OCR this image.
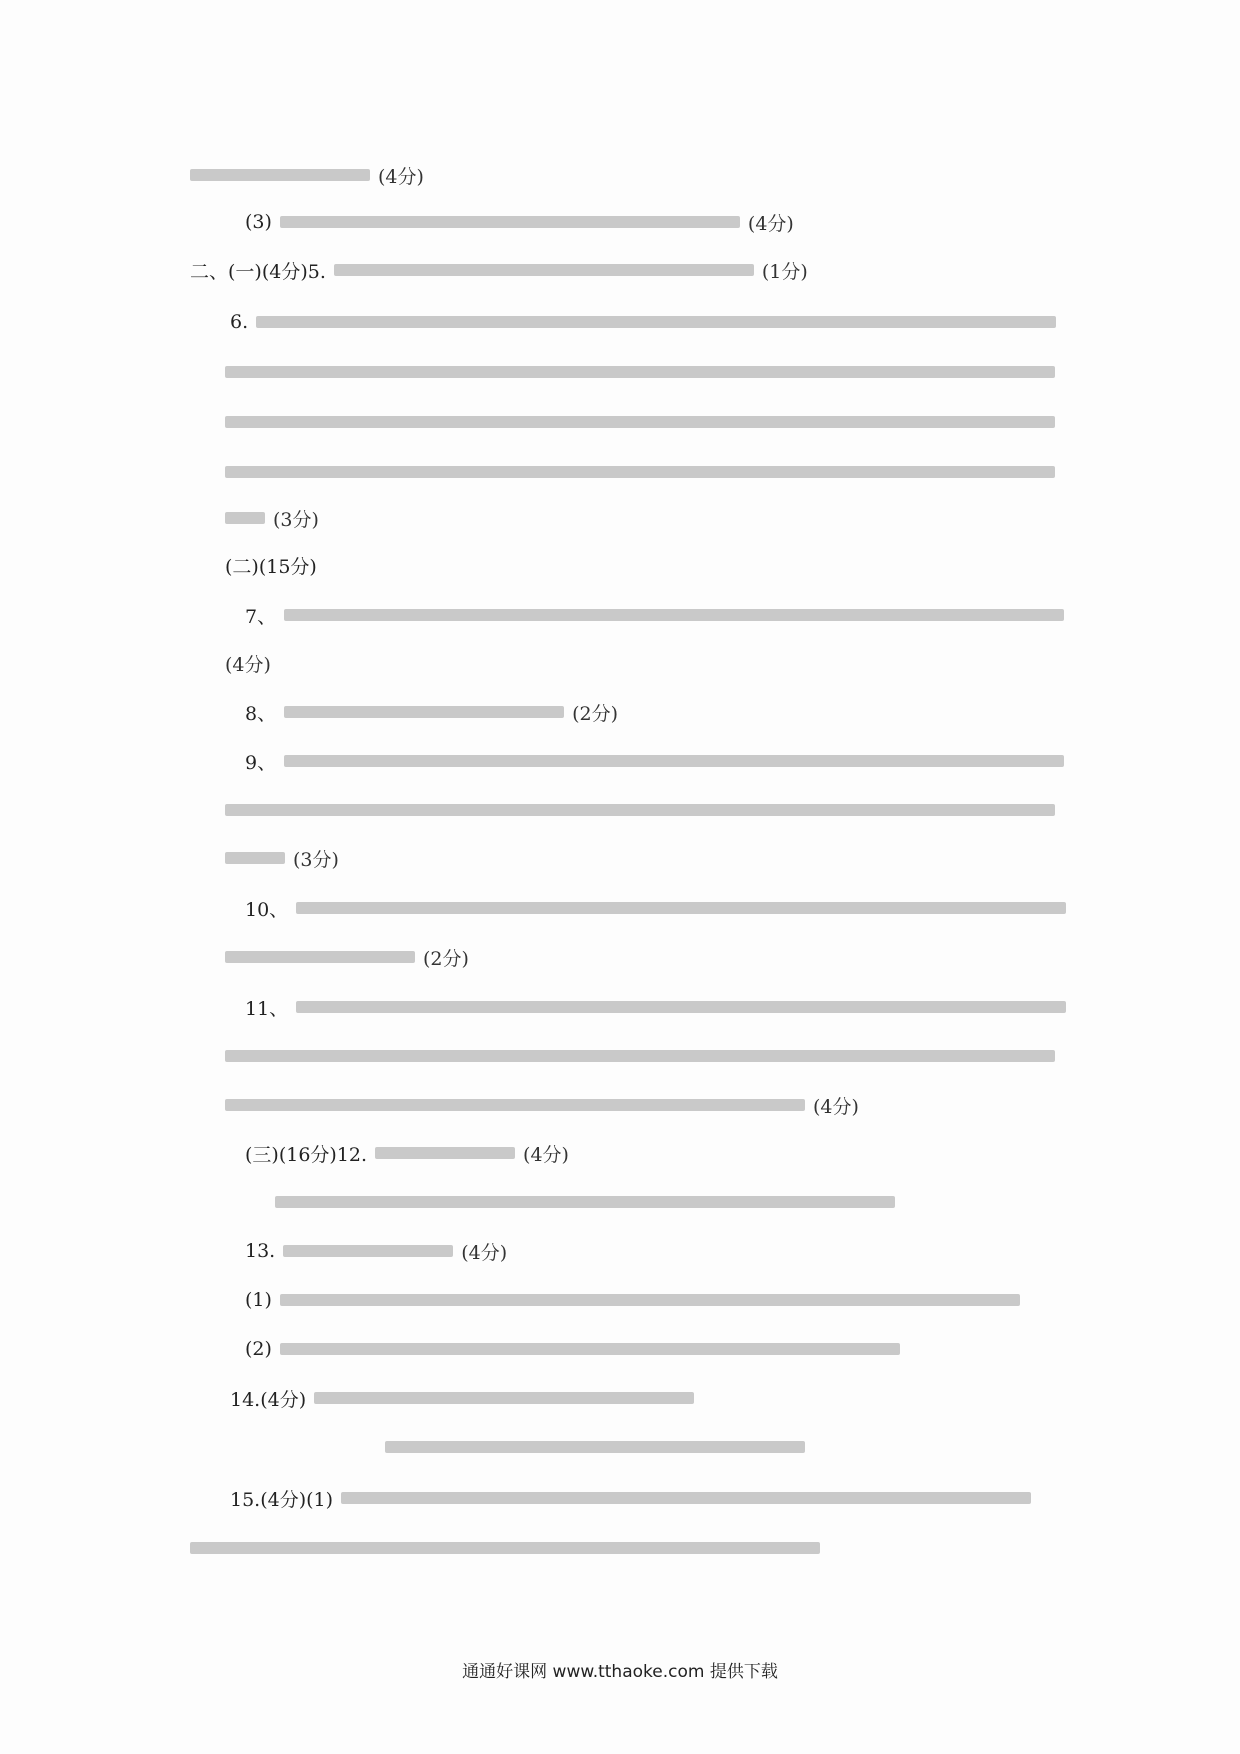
(4分)
(3)	(4分)
二、(一)(4分)5.	(1分)
6.
(3分)
(二)(15分)
7、
(4分)
8、	(2分)
9、
(3分)
10、
(2分)
11、
(4分)
(三)(16分)12.	(4分)
13.	(4分)
(1)
(2)
14.(4分)
15.(4分)(1)
通通好课网 www.tthaoke.com 提供下载
